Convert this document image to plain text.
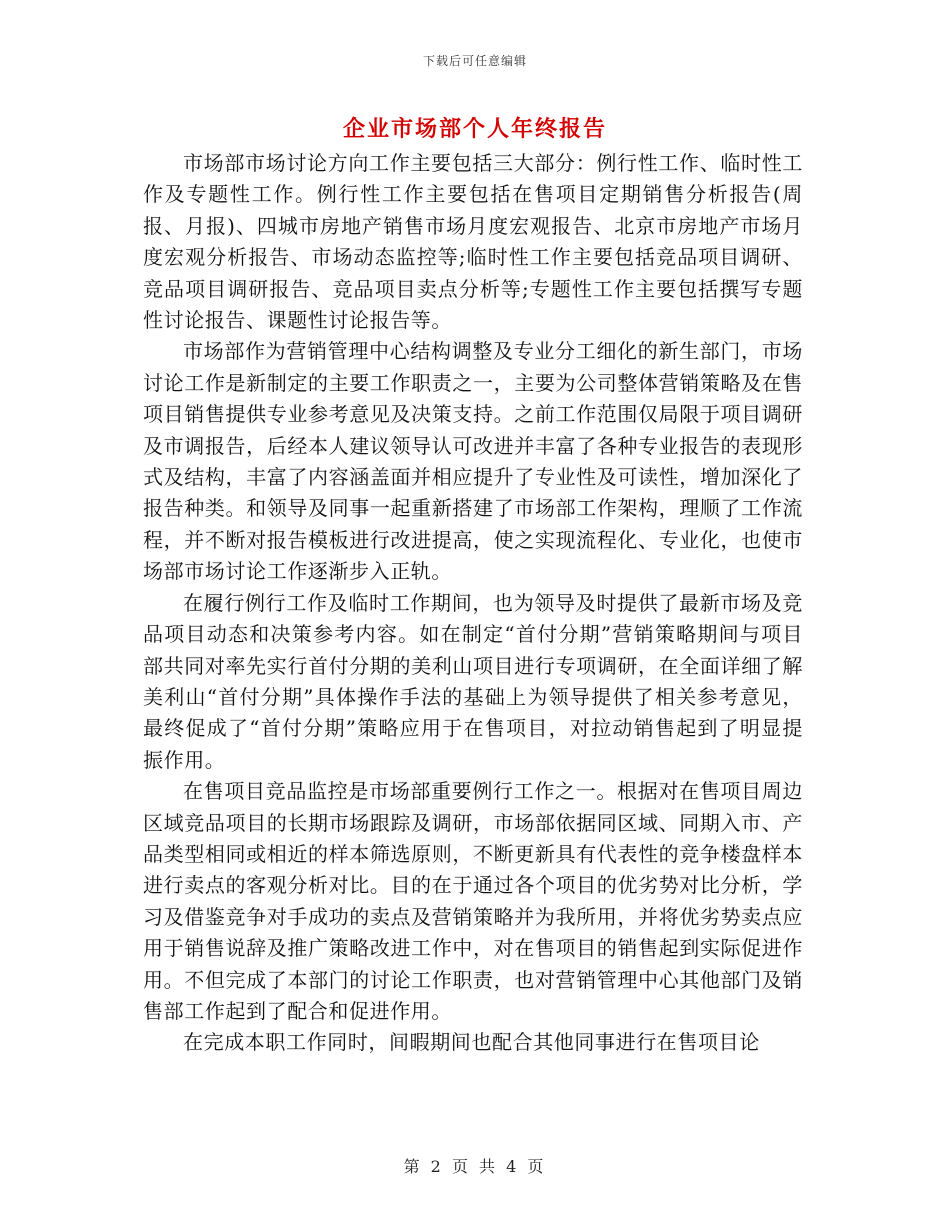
下载后可任意编辑
企业市场部个人年终报告

市场部市场讨论方向工作主要包括三大部分：例行性工作、临时性工作及专题性工作。例行性工作主要包括在售项目定期销售分析报告(周报、月报)、四城市房地产销售市场月度宏观报告、北京市房地产市场月度宏观分析报告、市场动态监控等;临时性工作主要包括竞品项目调研、竞品项目调研报告、竞品项目卖点分析等;专题性工作主要包括撰写专题性讨论报告、课题性讨论报告等。

市场部作为营销管理中心结构调整及专业分工细化的新生部门，市场讨论工作是新制定的主要工作职责之一，主要为公司整体营销策略及在售项目销售提供专业参考意见及决策支持。之前工作范围仅局限于项目调研及市调报告，后经本人建议领导认可改进并丰富了各种专业报告的表现形式及结构，丰富了内容涵盖面并相应提升了专业性及可读性，增加深化了报告种类。和领导及同事一起重新搭建了市场部工作架构，理顺了工作流程，并不断对报告模板进行改进提高，使之实现流程化、专业化，也使市场部市场讨论工作逐渐步入正轨。

在履行例行工作及临时工作期间，也为领导及时提供了最新市场及竞品项目动态和决策参考内容。如在制定“首付分期”营销策略期间与项目部共同对率先实行首付分期的美利山项目进行专项调研，在全面详细了解美利山“首付分期”具体操作手法的基础上为领导提供了相关参考意见，最终促成了“首付分期”策略应用于在售项目，对拉动销售起到了明显提振作用。

在售项目竞品监控是市场部重要例行工作之一。根据对在售项目周边区域竞品项目的长期市场跟踪及调研，市场部依据同区域、同期入市、产品类型相同或相近的样本筛选原则，不断更新具有代表性的竞争楼盘样本进行卖点的客观分析对比。目的在于通过各个项目的优劣势对比分析，学习及借鉴竞争对手成功的卖点及营销策略并为我所用，并将优劣势卖点应用于销售说辞及推广策略改进工作中，对在售项目的销售起到实际促进作用。不但完成了本部门的讨论工作职责，也对营销管理中心其他部门及销售部工作起到了配合和促进作用。

在完成本职工作同时，间暇期间也配合其他同事进行在售项目论

第 2 页 共 4 页
